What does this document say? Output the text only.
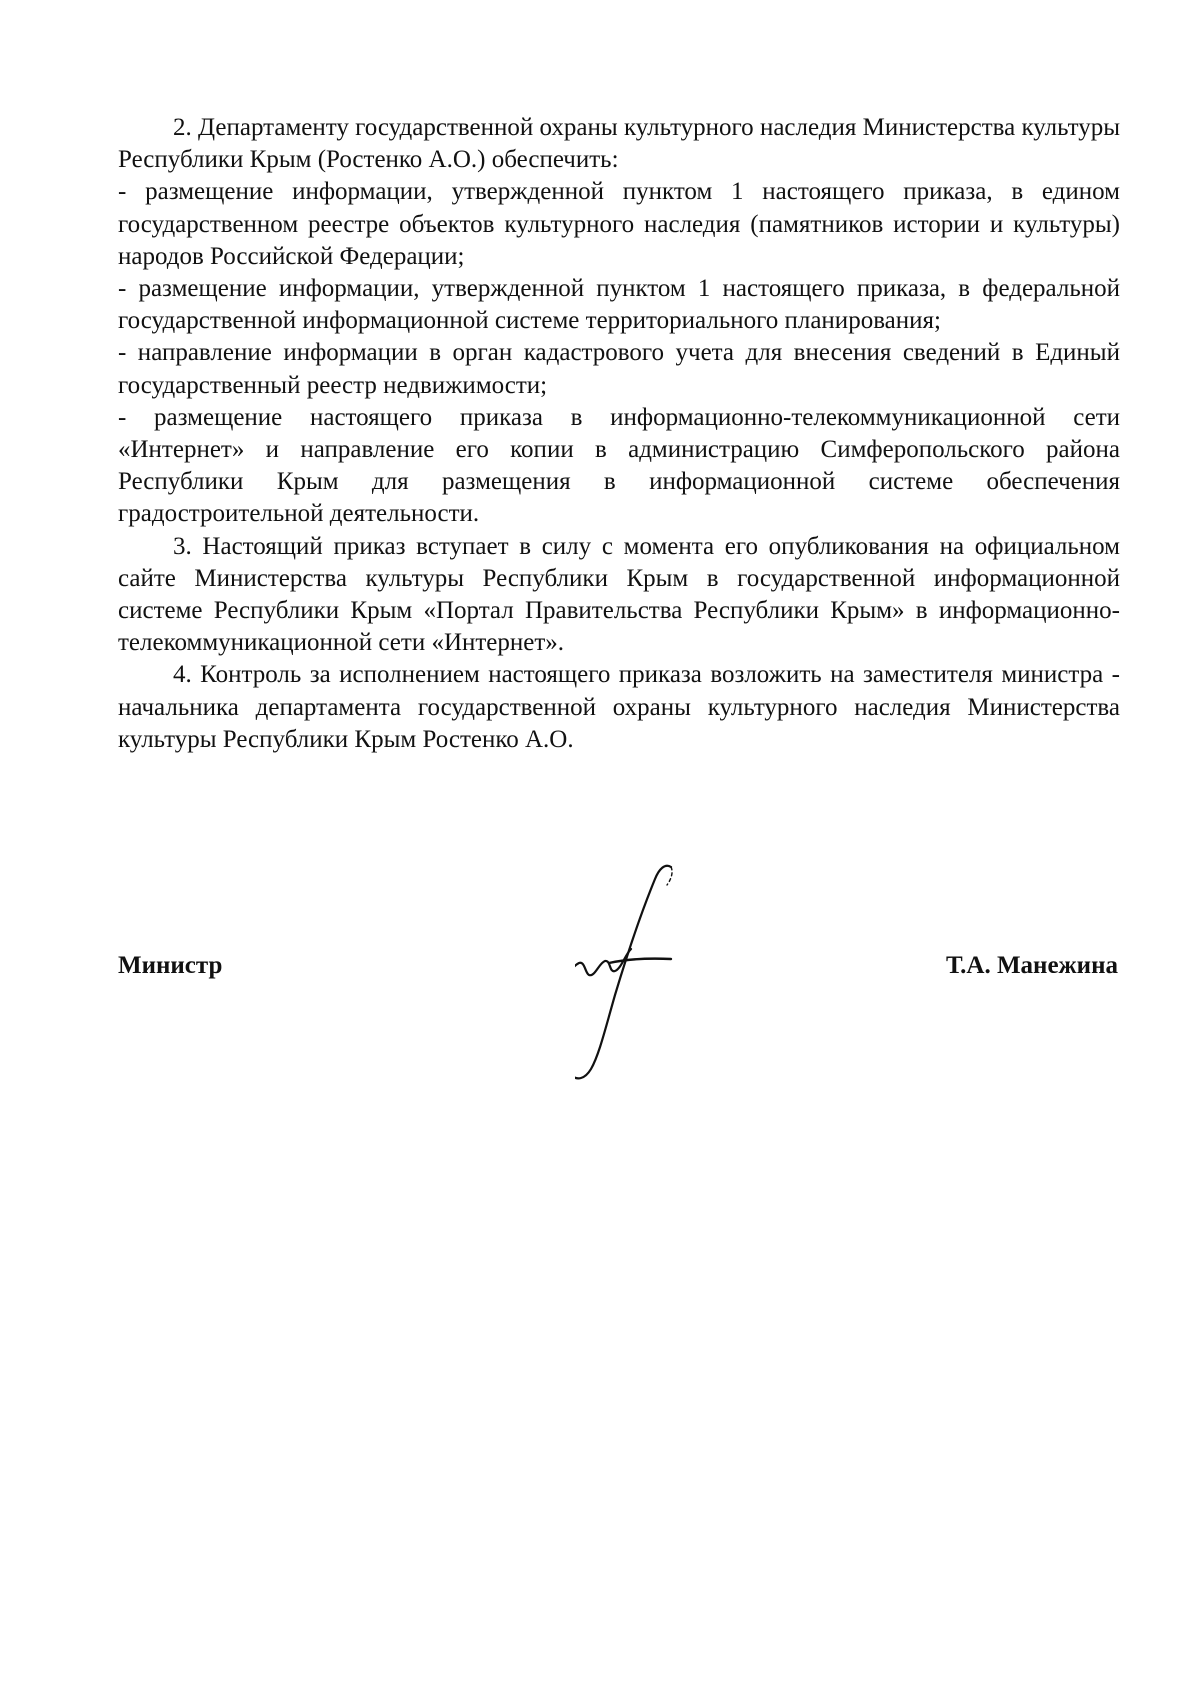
2. Департаменту государственной охраны культурного наследия Министерства культуры Республики Крым (Ростенко А.О.) обеспечить:

- размещение информации, утвержденной пунктом 1 настоящего приказа, в едином государственном реестре объектов культурного наследия (памятников истории и культуры) народов Российской Федерации;

- размещение информации, утвержденной пунктом 1 настоящего приказа, в федеральной государственной информационной системе территориального планирования;

- направление информации в орган кадастрового учета для внесения сведений в Единый государственный реестр недвижимости;

- размещение настоящего приказа в информационно-телекоммуникационной сети «Интернет» и направление его копии в администрацию Симферопольского района Республики Крым для размещения в информационной системе обеспечения градостроительной деятельности.

3. Настоящий приказ вступает в силу с момента его опубликования на официальном сайте Министерства культуры Республики Крым в государственной информационной системе Республики Крым «Портал Правительства Республики Крым» в информационно-телекоммуникационной сети «Интернет».

4. Контроль за исполнением настоящего приказа возложить на заместителя министра - начальника департамента государственной охраны культурного наследия Министерства культуры Республики Крым Ростенко А.О.

Министр	Т.А. Манежина
